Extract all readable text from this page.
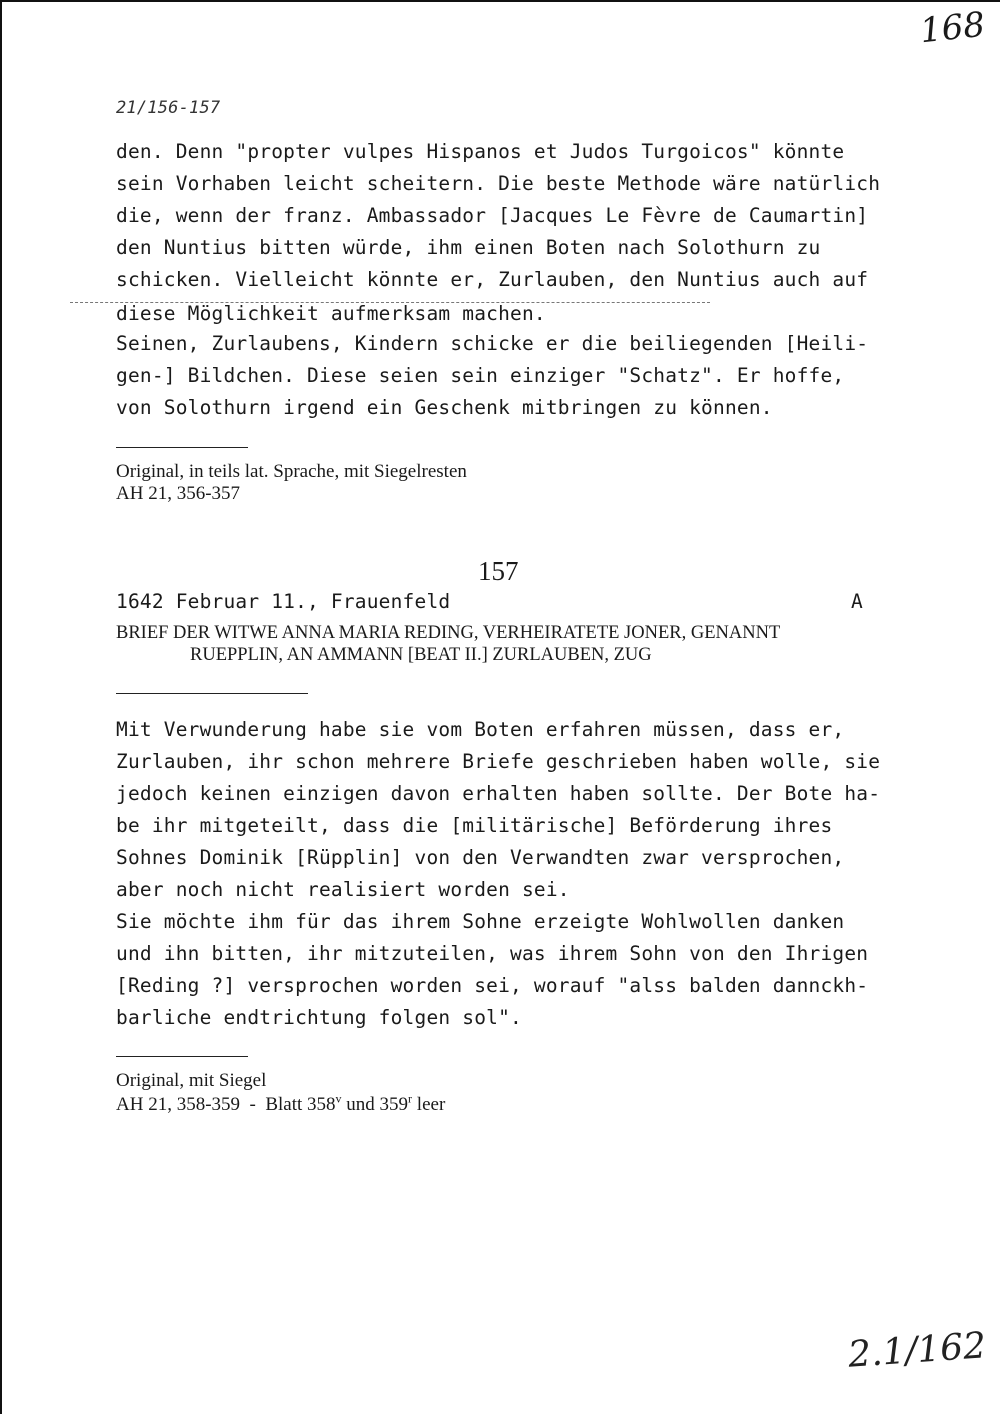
168
21/156-157
den. Denn "propter vulpes Hispanos et Judos Turgoicos" könnte
sein Vorhaben leicht scheitern. Die beste Methode wäre natürlich
die, wenn der franz. Ambassador [Jacques Le Fèvre de Caumartin]
den Nuntius bitten würde, ihm einen Boten nach Solothurn zu
schicken. Vielleicht könnte er, Zurlauben, den Nuntius auch auf
diese Möglichkeit aufmerksam machen.
Seinen, Zurlaubens, Kindern schicke er die beiliegenden [Heili-
gen-] Bildchen. Diese seien sein einziger "Schatz". Er hoffe,
von Solothurn irgend ein Geschenk mitbringen zu können.
Original, in teils lat. Sprache, mit Siegelresten
AH 21, 356-357
157
1642 Februar 11., Frauenfeld	A
BRIEF DER WITWE ANNA MARIA REDING, VERHEIRATETE JONER, GENANNT
RUEPPLIN, AN AMMANN [BEAT II.] ZURLAUBEN, ZUG
Mit Verwunderung habe sie vom Boten erfahren müssen, dass er,
Zurlauben, ihr schon mehrere Briefe geschrieben haben wolle, sie
jedoch keinen einzigen davon erhalten haben sollte. Der Bote ha-
be ihr mitgeteilt, dass die [militärische] Beförderung ihres
Sohnes Dominik [Rüpplin] von den Verwandten zwar versprochen,
aber noch nicht realisiert worden sei.
Sie möchte ihm für das ihrem Sohne erzeigte Wohlwollen danken
und ihn bitten, ihr mitzuteilen, was ihrem Sohn von den Ihrigen
[Reding ?] versprochen worden sei, worauf "alss balden dannckh-
barliche endtrichtung folgen sol".
Original, mit Siegel
AH 21, 358-359  -  Blatt 358$^v$ und 359$^r$ leer
2.1/162
